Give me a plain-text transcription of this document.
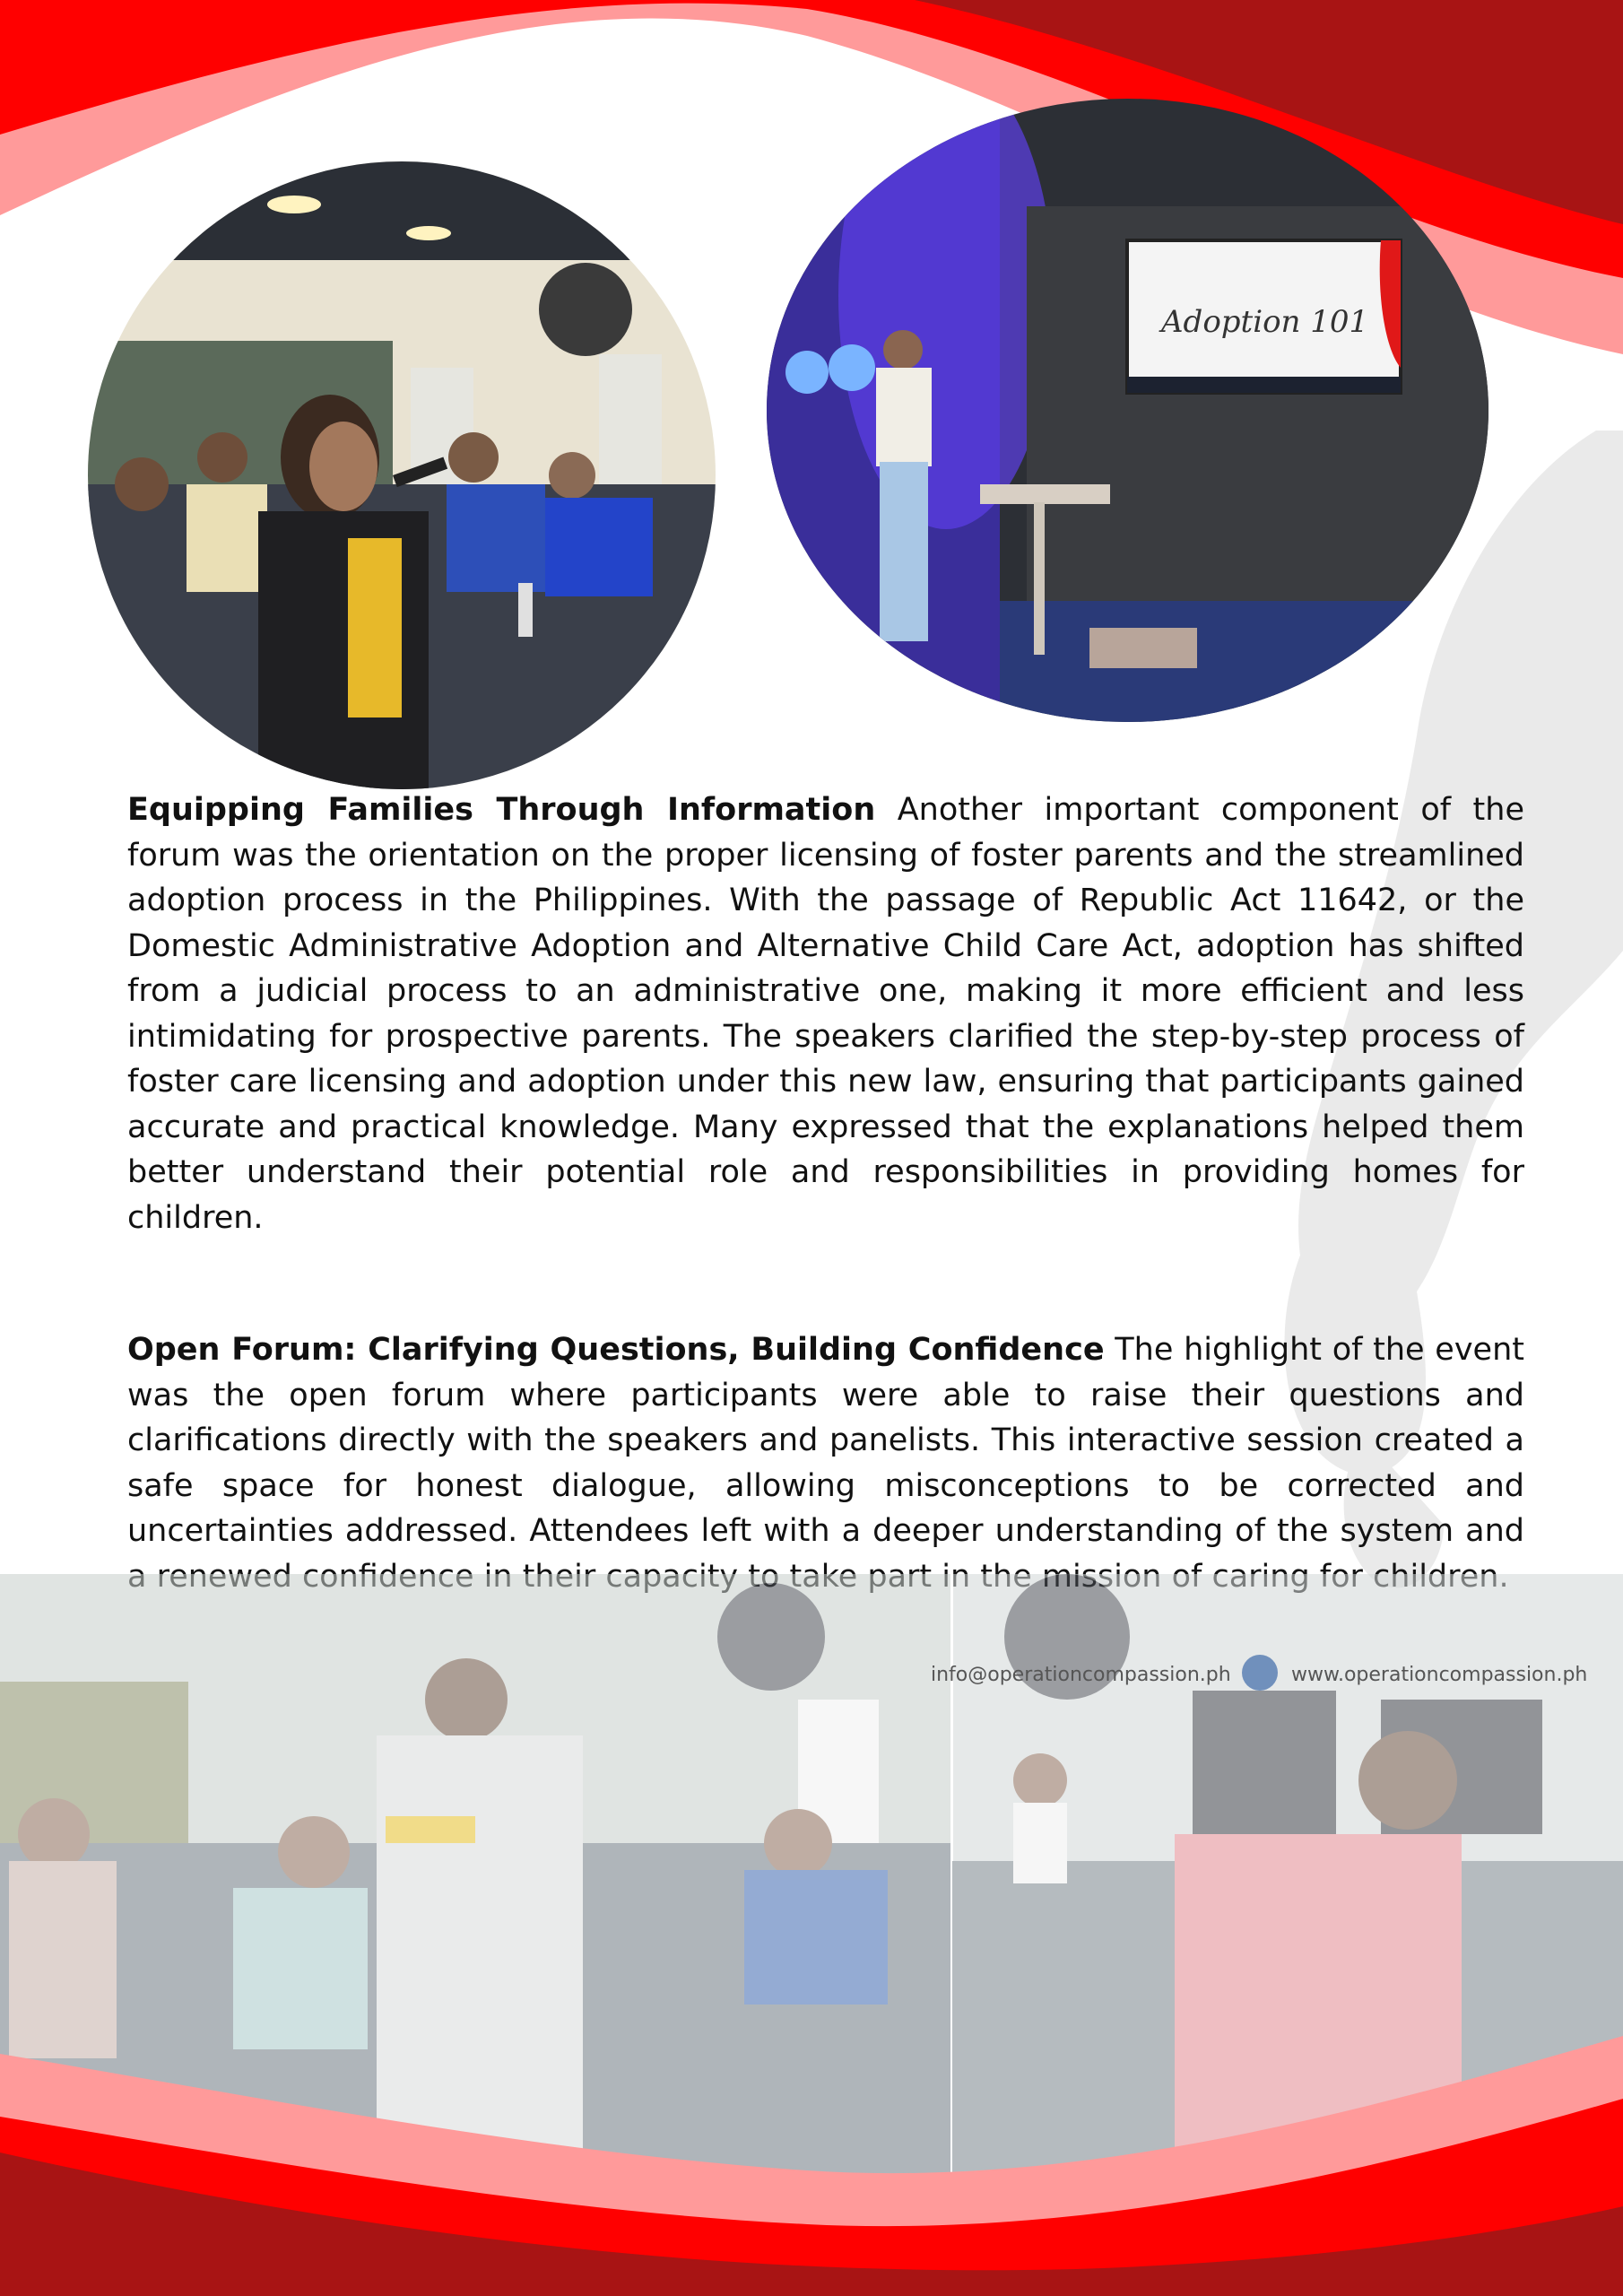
Adoption 101
Equipping Families Through Information Another important component of the forum was the orientation on the proper licensing of foster parents and the streamlined adoption process in the Philippines. With the passage of Republic Act 11642, or the Domestic Administrative Adoption and Alternative Child Care Act, adoption has shifted from a judicial process to an administrative one, making it more efficient and less intimidating for prospective parents. The speakers clarified the step-by-step process of foster care licensing and adoption under this new law, ensuring that participants gained accurate and practical knowledge. Many expressed that the explanations helped them better understand their potential role and responsibilities in providing homes for children.
Open Forum: Clarifying Questions, Building Confidence The highlight of the event was the open forum where participants were able to raise their questions and clarifications directly with the speakers and panelists. This interactive session created a safe space for honest dialogue, allowing misconceptions to be corrected and uncertainties addressed. Attendees left with a deeper understanding of the system and
info@operationcompassion.ph	www.operationcompassion.ph
